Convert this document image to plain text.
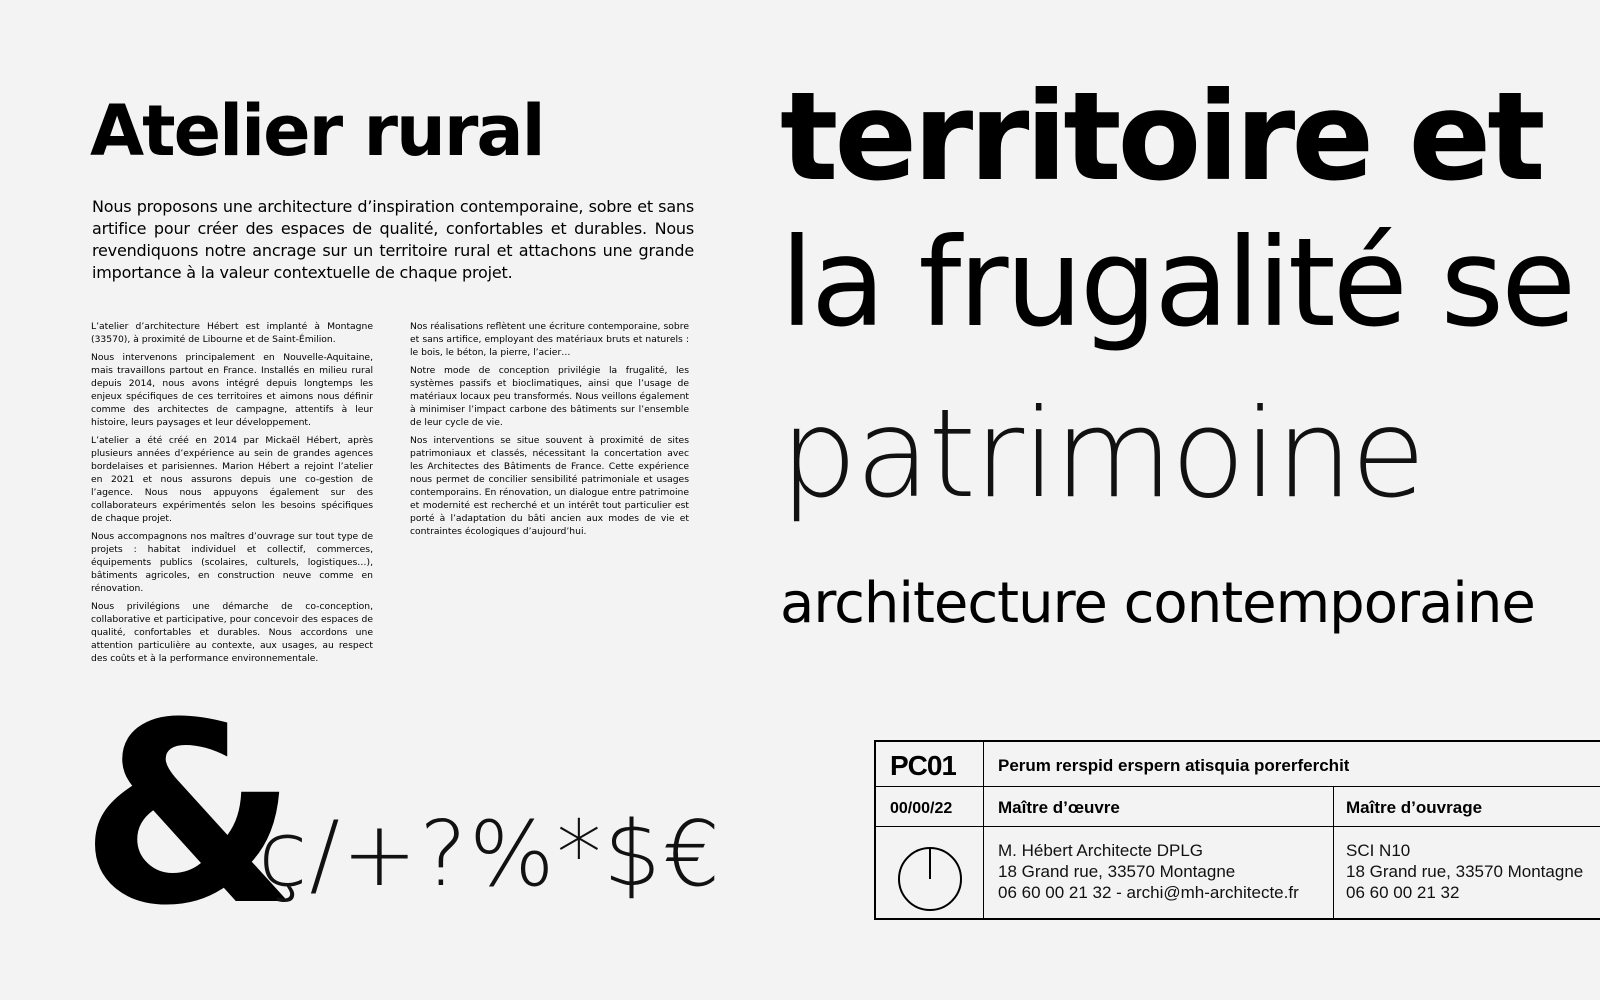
Atelier rural

Nous proposons une architecture d’inspiration contemporaine, sobre et sans artifice pour créer des espaces de qualité, confortables et durables. Nous revendiquons notre ancrage sur un territoire rural et attachons une grande importance à la valeur contextuelle de chaque projet.

L’atelier d’architecture Hébert est implanté à Montagne (33570), à proximité de Libourne et de Saint-Émilion.

Nous intervenons principalement en Nouvelle-Aquitaine, mais travaillons partout en France. Installés en milieu rural depuis 2014, nous avons intégré depuis longtemps les enjeux spécifiques de ces territoires et aimons nous définir comme des architectes de campagne, attentifs à leur histoire, leurs paysages et leur développement.

L’atelier a été créé en 2014 par Mickaël Hébert, après plusieurs années d’expérience au sein de grandes agences bordelaises et parisiennes. Marion Hébert a rejoint l’atelier en 2021 et nous assurons depuis une co-gestion de l’agence. Nous nous appuyons également sur des collaborateurs expérimentés selon les besoins spécifiques de chaque projet.

Nous accompagnons nos maîtres d’ouvrage sur tout type de projets : habitat individuel et collectif, commerces, équipements publics (scolaires, culturels, logistiques…), bâtiments agricoles, en construction neuve comme en rénovation.

Nous privilégions une démarche de co-conception, collaborative et participative, pour concevoir des espaces de qualité, confortables et durables. Nous accordons une attention particulière au contexte, aux usages, au respect des coûts et à la performance environnementale.

Nos réalisations reflètent une écriture contemporaine, sobre et sans artifice, employant des matériaux bruts et naturels : le bois, le béton, la pierre, l’acier…

Notre mode de conception privilégie la frugalité, les systèmes passifs et bioclimatiques, ainsi que l’usage de matériaux locaux peu transformés. Nous veillons également à minimiser l’impact carbone des bâtiments sur l’ensemble de leur cycle de vie.

Nos interventions se situe souvent à proximité de sites patrimoniaux et classés, nécessitant la concertation avec les Architectes des Bâtiments de France. Cette expérience nous permet de concilier sensibilité patrimoniale et usages contemporains. En rénovation, un dialogue entre patrimoine et modernité est recherché et un intérêt tout particulier est porté à l’adaptation du bâti ancien aux modes de vie et contraintes écologiques d’aujourd’hui.

territoire et
la frugalité se
patrimoine
architecture contemporaine
&
ç/+?%*$€
PC01 Perum rerspid erspern atisquia porerferchit
00/00/22	Maître d’œuvre	Maître d’ouvrage
M. Hébert Architecte DPLG
18 Grand rue, 33570 Montagne
06 60 00 21 32 - archi@mh-architecte.fr
SCI N10
18 Grand rue, 33570 Montagne
06 60 00 21 32
